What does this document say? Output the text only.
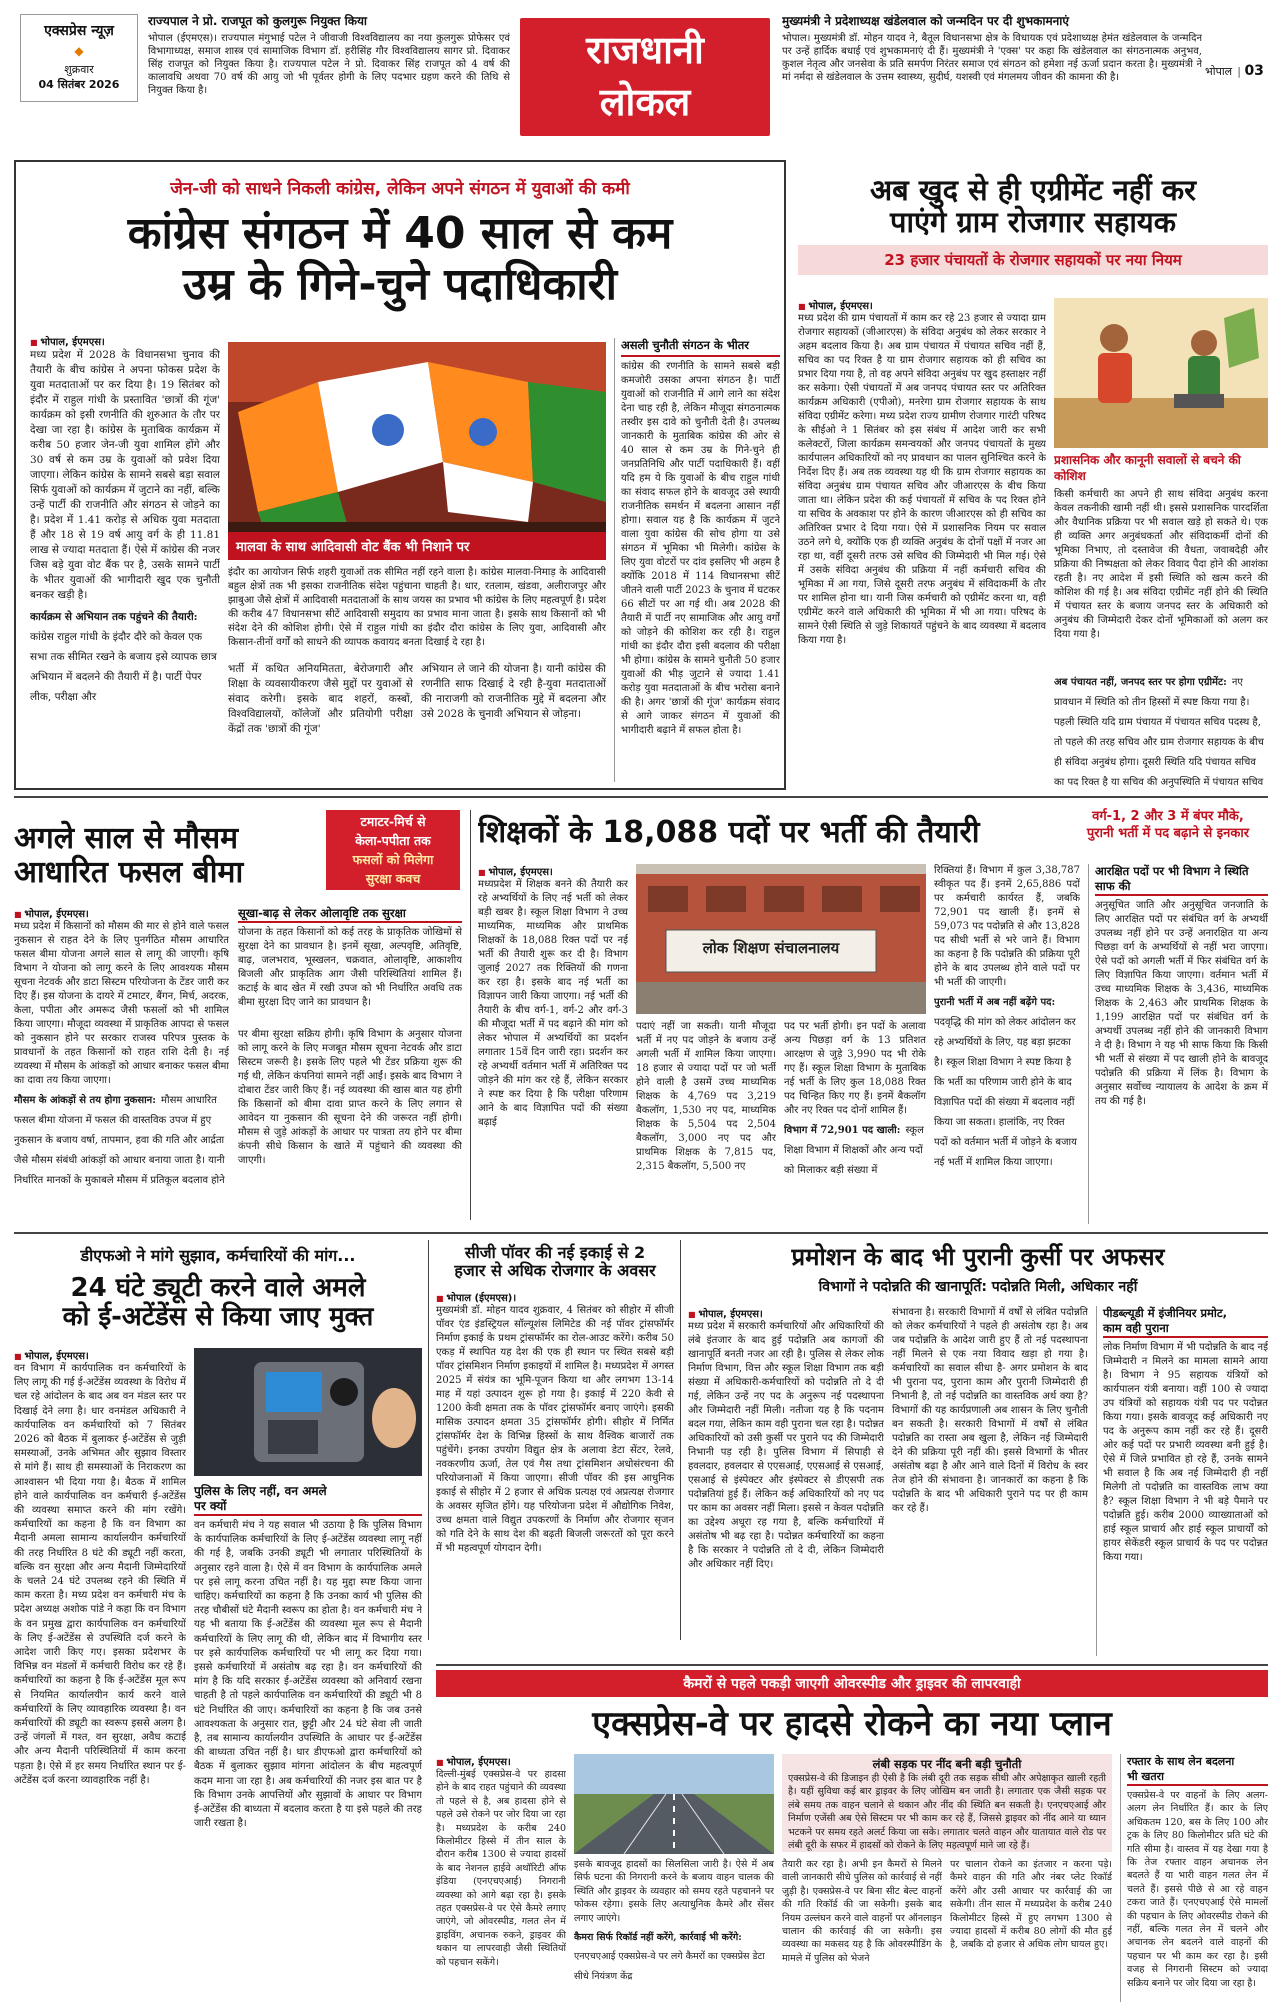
एक्सप्रेस न्यूज़
◆
शुक्रवार
04 सितंबर 2026
राज्यपाल ने प्रो. राजपूत को कुलगुरू नियुक्त किया
भोपाल (ईएमएस)। राज्यपाल मंगुभाई पटेल ने जीवाजी विश्वविद्यालय का नया कुलगुरू प्रोफेसर एवं विभागाध्यक्ष, समाज शास्त्र एवं सामाजिक विभाग डॉ. हरीसिंह गौर विश्वविद्यालय सागर प्रो. दिवाकर सिंह राजपूत को नियुक्त किया है। राज्यपाल पटेल ने प्रो. दिवाकर सिंह राजपूत को 4 वर्ष की कालावधि अथवा 70 वर्ष की आयु जो भी पूर्वतर होगी के लिए पदभार ग्रहण करने की तिथि से नियुक्त किया है।
राजधानी
लोकल
मुख्यमंत्री ने प्रदेशाध्यक्ष खंडेलवाल को जन्मदिन पर दी शुभकामनाएं
भोपाल। मुख्यमंत्री डॉ. मोहन यादव ने, बैतूल विधानसभा क्षेत्र के विधायक एवं प्रदेशाध्यक्ष हेमंत खंडेलवाल के जन्मदिन पर उन्हें हार्दिक बधाई एवं शुभकामनाएं दी हैं। मुख्यमंत्री ने 'एक्स' पर कहा कि खंडेलवाल का संगठनात्मक अनुभव, कुशल नेतृत्व और जनसेवा के प्रति समर्पण निरंतर समाज एवं संगठन को हमेशा नई ऊर्जा प्रदान करता है। मुख्यमंत्री ने मां नर्मदा से खंडेलवाल के उत्तम स्वास्थ्य, सुदीर्घ, यशस्वी एवं मंगलमय जीवन की कामना की है।	भोपाल | 03
जेन-जी को साधने निकली कांग्रेस, लेकिन अपने संगठन में युवाओं की कमी
कांग्रेस संगठन में 40 साल से कम
उम्र के गिने-चुने पदाधिकारी
■ भोपाल, ईएमएस।
मध्य प्रदेश में 2028 के विधानसभा चुनाव की तैयारी के बीच कांग्रेस ने अपना फोकस प्रदेश के युवा मतदाताओं पर कर दिया है। 19 सितंबर को इंदौर में राहुल गांधी के प्रस्तावित 'छात्रों की गूंज' कार्यक्रम को इसी रणनीति की शुरुआत के तौर पर देखा जा रहा है। कांग्रेस के मुताबिक कार्यक्रम में करीब 50 हजार जेन-जी युवा शामिल होंगे और 30 वर्ष से कम उम्र के युवाओं को प्रवेश दिया जाएगा। लेकिन कांग्रेस के सामने सबसे बड़ा सवाल सिर्फ युवाओं को कार्यक्रम में जुटाने का नहीं, बल्कि उन्हें पार्टी की राजनीति और संगठन से जोड़ने का है। प्रदेश में 1.41 करोड़ से अधिक युवा मतदाता हैं और 18 से 19 वर्ष आयु वर्ग के ही 11.81 लाख से ज्यादा मतदाता हैं। ऐसे में कांग्रेस की नजर जिस बड़े युवा वोट बैंक पर है, उसके सामने पार्टी के भीतर युवाओं की भागीदारी खुद एक चुनौती बनकर खड़ी है।
कार्यक्रम से अभियान तक पहुंचने की तैयारी: कांग्रेस राहुल गांधी के इंदौर दौरे को केवल एक सभा तक सीमित रखने के बजाय इसे व्यापक छात्र अभियान में बदलने की तैयारी में है। पार्टी पेपर लीक, परीक्षा और
मालवा के साथ आदिवासी वोट बैंक भी निशाने पर
असली चुनौती संगठन के भीतर
कांग्रेस की रणनीति के सामने सबसे बड़ी कमजोरी उसका अपना संगठन है। पार्टी युवाओं को राजनीति में आगे लाने का संदेश देना चाह रही है, लेकिन मौजूदा संगठनात्मक तस्वीर इस दावे को चुनौती देती है। उपलब्ध जानकारी के मुताबिक कांग्रेस की ओर से 40 साल से कम उम्र के गिने-चुने ही जनप्रतिनिधि और पार्टी पदाधिकारी हैं। वहीं यदि हम ये कि युवाओं के बीच राहुल गांधी का संवाद सफल होने के बावजूद उसे स्थायी राजनीतिक समर्थन में बदलना आसान नहीं होगा। सवाल यह है कि कार्यक्रम में जुटने वाला युवा कांग्रेस की सोच होगा या उसे संगठन में भूमिका भी मिलेगी। कांग्रेस के लिए युवा वोटरों पर दांव इसलिए भी अहम है क्योंकि 2018 में 114 विधानसभा सीटें जीतने वाली पार्टी 2023 के चुनाव में घटकर 66 सीटों पर आ गई थी। अब 2028 की तैयारी में पार्टी नए सामाजिक और आयु वर्गों को जोड़ने की कोशिश कर रही है। राहुल गांधी का इंदौर दौरा इसी बदलाव की परीक्षा भी होगा। कांग्रेस के सामने चुनौती 50 हजार युवाओं की भीड़ जुटाने से ज्यादा 1.41 करोड़ युवा मतदाताओं के बीच भरोसा बनाने की है। अगर 'छात्रों की गूंज' कार्यक्रम संवाद से आगे जाकर संगठन में युवाओं की भागीदारी बढ़ाने में सफल होता है।
इंदौर का आयोजन सिर्फ शहरी युवाओं तक सीमित नहीं रहने वाला है। कांग्रेस मालवा-निमाड़ के आदिवासी बहुल क्षेत्रों तक भी इसका राजनीतिक संदेश पहुंचाना चाहती है। धार, रतलाम, खंडवा, अलीराजपुर और झाबुआ जैसे क्षेत्रों में आदिवासी मतदाताओं के साथ जयस का प्रभाव भी कांग्रेस के लिए महत्वपूर्ण है। प्रदेश की करीब 47 विधानसभा सीटें आदिवासी समुदाय का प्रभाव माना जाता है। इसके साथ किसानों को भी संदेश देने की कोशिश होगी। ऐसे में राहुल गांधी का इंदौर दौरा कांग्रेस के लिए युवा, आदिवासी और किसान-तीनों वर्गों को साधने की व्यापक कवायद बनता दिखाई दे रहा है।
भर्ती में कथित अनियमितता, बेरोजगारी और शिक्षा के व्यवसायीकरण जैसे मुद्दों पर युवाओं से संवाद करेगी। इसके बाद शहरों, कस्बों, विश्वविद्यालयों, कॉलेजों और प्रतियोगी परीक्षा केंद्रों तक 'छात्रों की गूंज'
अभियान ले जाने की योजना है। यानी कांग्रेस की रणनीति साफ दिखाई दे रही है-युवा मतदाताओं की नाराजगी को राजनीतिक मुद्दे में बदलना और उसे 2028 के चुनावी अभियान से जोड़ना।
अब खुद से ही एग्रीमेंट नहीं कर
पाएंगे ग्राम रोजगार सहायक
23 हजार पंचायतों के रोजगार सहायकों पर नया नियम
■ भोपाल, ईएमएस।
मध्य प्रदेश की ग्राम पंचायतों में काम कर रहे 23 हजार से ज्यादा ग्राम रोजगार सहायकों (जीआरएस) के संविदा अनुबंध को लेकर सरकार ने अहम बदलाव किया है। अब ग्राम पंचायत में पंचायत सचिव नहीं हैं, सचिव का पद रिक्त है या ग्राम रोजगार सहायक को ही सचिव का प्रभार दिया गया है, तो वह अपने संविदा अनुबंध पर खुद हस्ताक्षर नहीं कर सकेगा। ऐसी पंचायतों में अब जनपद पंचायत स्तर पर अतिरिक्त कार्यक्रम अधिकारी (एपीओ), मनरेगा ग्राम रोजगार सहायक के साथ संविदा एग्रीमेंट करेगा। मध्य प्रदेश राज्य ग्रामीण रोजगार गारंटी परिषद के सीईओ ने 1 सितंबर को इस संबंध में आदेश जारी कर सभी कलेक्टरों, जिला कार्यक्रम समन्वयकों और जनपद पंचायतों के मुख्य कार्यपालन अधिकारियों को नए प्रावधान का पालन सुनिश्चित करने के निर्देश दिए हैं। अब तक व्यवस्था यह थी कि ग्राम रोजगार सहायक का संविदा अनुबंध ग्राम पंचायत सचिव और जीआरएस के बीच किया जाता था। लेकिन प्रदेश की कई पंचायतों में सचिव के पद रिक्त होने या सचिव के अवकाश पर होने के कारण जीआरएस को ही सचिव का अतिरिक्त प्रभार दे दिया गया। ऐसे में प्रशासनिक नियम पर सवाल उठने लगे थे, क्योंकि एक ही व्यक्ति अनुबंध के दोनों पक्षों में नजर आ रहा था, वहीं दूसरी तरफ उसे सचिव की जिम्मेदारी भी मिल गई। ऐसे में उसके संविदा अनुबंध की प्रक्रिया में नहीं कर्मचारी सचिव की भूमिका में आ गया, जिसे दूसरी तरफ अनुबंध में संविदाकर्मी के तौर पर शामिल होना था। यानी जिस कर्मचारी को एग्रीमेंट करना था, वही एग्रीमेंट करने वाले अधिकारी की भूमिका में भी आ गया। परिषद के सामने ऐसी स्थिति से जुड़े शिकायतें पहुंचने के बाद व्यवस्था में बदलाव किया गया है।
प्रशासनिक और कानूनी सवालों से बचने की कोशिश
किसी कर्मचारी का अपने ही साथ संविदा अनुबंध करना केवल तकनीकी खामी नहीं थी। इससे प्रशासनिक पारदर्शिता और वैधानिक प्रक्रिया पर भी सवाल खड़े हो सकते थे। एक ही व्यक्ति अगर अनुबंधकर्ता और संविदाकर्मी दोनों की भूमिका निभाए, तो दस्तावेज की वैधता, जवाबदेही और प्रक्रिया की निष्पक्षता को लेकर विवाद पैदा होने की आशंका रहती है। नए आदेश में इसी स्थिति को खत्म करने की कोशिश की गई है। अब संविदा एग्रीमेंट नहीं होने की स्थिति में पंचायत स्तर के बजाय जनपद स्तर के अधिकारी को अनुबंध की जिम्मेदारी देकर दोनों भूमिकाओं को अलग कर दिया गया है।
अब पंचायत नहीं, जनपद स्तर पर होगा एग्रीमेंट: नए प्रावधान में स्थिति को तीन हिस्सों में स्पष्ट किया गया है। पहली स्थिति यदि ग्राम पंचायत में पंचायत सचिव पदस्थ है, तो पहले की तरह सचिव और ग्राम रोजगार सहायक के बीच ही संविदा अनुबंध होगा। दूसरी स्थिति यदि पंचायत सचिव का पद रिक्त है या सचिव की अनुपस्थिति में पंचायत सचिव
अगले साल से मौसम
आधारित फसल बीमा
टमाटर-मिर्च से
केला-पपीता तक
फसलों को मिलेगा
सुरक्षा कवच
■ भोपाल, ईएमएस।
मध्य प्रदेश में किसानों को मौसम की मार से होने वाले फसल नुकसान से राहत देने के लिए पुनर्गठित मौसम आधारित फसल बीमा योजना अगले साल से लागू की जाएगी। कृषि विभाग ने योजना को लागू करने के लिए आवश्यक मौसम सूचना नेटवर्क और डाटा सिस्टम परियोजना के टेंडर जारी कर दिए हैं। इस योजना के दायरे में टमाटर, बैंगन, मिर्च, अदरक, केला, पपीता और अमरूद जैसी फसलों को भी शामिल किया जाएगा। मौजूदा व्यवस्था में प्राकृतिक आपदा से फसल को नुकसान होने पर सरकार राजस्व परिपत्र पुस्तक के प्रावधानों के तहत किसानों को राहत राशि देती है। नई व्यवस्था में मौसम के आंकड़ों को आधार बनाकर फसल बीमा का दावा तय किया जाएगा।
मौसम के आंकड़ों से तय होगा नुकसान: मौसम आधारित फसल बीमा योजना में फसल की वास्तविक उपज में हुए नुकसान के बजाय वर्षा, तापमान, हवा की गति और आर्द्रता जैसे मौसम संबंधी आंकड़ों को आधार बनाया जाता है। यानी निर्धारित मानकों के मुकाबले मौसम में प्रतिकूल बदलाव होने
सूखा-बाढ़ से लेकर ओलावृष्टि तक सुरक्षा
योजना के तहत किसानों को कई तरह के प्राकृतिक जोखिमों से सुरक्षा देने का प्रावधान है। इनमें सूखा, अल्पवृष्टि, अतिवृष्टि, बाढ़, जलभराव, भूस्खलन, चक्रवात, ओलावृष्टि, आकाशीय बिजली और प्राकृतिक आग जैसी परिस्थितियां शामिल हैं। कटाई के बाद खेत में रखी उपज को भी निर्धारित अवधि तक बीमा सुरक्षा दिए जाने का प्रावधान है।
पर बीमा सुरक्षा सक्रिय होगी। कृषि विभाग के अनुसार योजना को लागू करने के लिए मजबूत मौसम सूचना नेटवर्क और डाटा सिस्टम जरूरी है। इसके लिए पहले भी टेंडर प्रक्रिया शुरू की गई थी, लेकिन कंपनियां सामने नहीं आईं। इसके बाद विभाग ने दोबारा टेंडर जारी किए हैं। नई व्यवस्था की खास बात यह होगी कि किसानों को बीमा दावा प्राप्त करने के लिए लगान से आवेदन या नुकसान की सूचना देने की जरूरत नहीं होगी। मौसम से जुड़े आंकड़ों के आधार पर पात्रता तय होने पर बीमा कंपनी सीधे किसान के खाते में पहुंचाने की व्यवस्था की जाएगी।
शिक्षकों के 18,088 पदों पर भर्ती की तैयारी	वर्ग-1, 2 और 3 में बंपर मौके,
पुरानी भर्ती में पद बढ़ाने से इनकार
■ भोपाल, ईएमएस।
मध्यप्रदेश में शिक्षक बनने की तैयारी कर रहे अभ्यर्थियों के लिए नई भर्ती को लेकर बड़ी खबर है। स्कूल शिक्षा विभाग ने उच्च माध्यमिक, माध्यमिक और प्राथमिक शिक्षकों के 18,088 रिक्त पदों पर नई भर्ती की तैयारी शुरू कर दी है। विभाग जुलाई 2027 तक रिक्तियों की गणना कर रहा है। इसके बाद नई भर्ती का विज्ञापन जारी किया जाएगा। नई भर्ती की तैयारी के बीच वर्ग-1, वर्ग-2 और वर्ग-3 की मौजूदा भर्ती में पद बढ़ाने की मांग को लेकर भोपाल में अभ्यर्थियों का प्रदर्शन लगातार 15वें दिन जारी रहा। प्रदर्शन कर रहे अभ्यर्थी वर्तमान भर्ती में अतिरिक्त पद जोड़ने की मांग कर रहे हैं, लेकिन सरकार ने स्पष्ट कर दिया है कि परीक्षा परिणाम आने के बाद विज्ञापित पदों की संख्या बढ़ाई
लोक शिक्षण संचालनालय
पदाएं नहीं जा सकती। यानी मौजूदा भर्ती में नए पद जोड़ने के बजाय उन्हें अगली भर्ती में शामिल किया जाएगा। 18 हजार से ज्यादा पदों पर जो भर्ती होने वाली है उसमें उच्च माध्यमिक शिक्षक के 4,769 पद 3,219 बैकलॉग, 1,530 नए पद, माध्यमिक शिक्षक के 5,504 पद 2,504 बैकलॉग, 3,000 नए पद और प्राथमिक शिक्षक के 7,815 पद, 2,315 बैकलॉग, 5,500 नए
पद पर भर्ती होगी। इन पदों के अलावा अन्य पिछड़ा वर्ग के 13 प्रतिशत आरक्षण से जुड़े 3,990 पद भी रोके गए हैं। स्कूल शिक्षा विभाग के मुताबिक नई भर्ती के लिए कुल 18,088 रिक्त पद चिन्हित किए गए हैं। इनमें बैकलॉग और नए रिक्त पद दोनों शामिल हैं।
विभाग में 72,901 पद खाली: स्कूल शिक्षा विभाग में शिक्षकों और अन्य पदों को मिलाकर बड़ी संख्या में
रिक्तियां हैं। विभाग में कुल 3,38,787 स्वीकृत पद हैं। इनमें 2,65,886 पदों पर कर्मचारी कार्यरत हैं, जबकि 72,901 पद खाली हैं। इनमें से 59,073 पद पदोन्नति से और 13,828 पद सीधी भर्ती से भरे जाने हैं। विभाग का कहना है कि पदोन्नति की प्रक्रिया पूरी होने के बाद उपलब्ध होने वाले पदों पर भी भर्ती की जाएगी।
पुरानी भर्ती में अब नहीं बढ़ेंगे पद: पदवृद्धि की मांग को लेकर आंदोलन कर रहे अभ्यर्थियों के लिए, यह बड़ा झटका है। स्कूल शिक्षा विभाग ने स्पष्ट किया है कि भर्ती का परिणाम जारी होने के बाद विज्ञापित पदों की संख्या में बदलाव नहीं किया जा सकता। हालांकि, नए रिक्त पदों को वर्तमान भर्ती में जोड़ने के बजाय नई भर्ती में शामिल किया जाएगा।
आरक्षित पदों पर भी विभाग ने स्थिति साफ की
अनुसूचित जाति और अनुसूचित जनजाति के लिए आरक्षित पदों पर संबंधित वर्ग के अभ्यर्थी उपलब्ध नहीं होने पर उन्हें अनारक्षित या अन्य पिछड़ा वर्ग के अभ्यर्थियों से नहीं भरा जाएगा। ऐसे पदों को अगली भर्ती में फिर संबंधित वर्ग के लिए विज्ञापित किया जाएगा। वर्तमान भर्ती में उच्च माध्यमिक शिक्षक के 3,436, माध्यमिक शिक्षक के 2,463 और प्राथमिक शिक्षक के 1,199 आरक्षित पदों पर संबंधित वर्ग के अभ्यर्थी उपलब्ध नहीं होने की जानकारी विभाग ने दी है। विभाग ने यह भी साफ किया कि किसी भी भर्ती से संख्या में पद खाली होने के बावजूद पदोन्नति की प्रक्रिया में लिंक है। विभाग के अनुसार सर्वोच्च न्यायालय के आदेश के क्रम में तय की गई है।
डीएफओ ने मांगे सुझाव, कर्मचारियों की मांग...
24 घंटे ड्यूटी करने वाले अमले
को ई-अटेंडेंस से किया जाए मुक्त
■ भोपाल, ईएमएस।
वन विभाग में कार्यपालिक वन कर्मचारियों के लिए लागू की गई ई-अटेंडेंस व्यवस्था के विरोध में चल रहे आंदोलन के बाद अब वन मंडल स्तर पर दिखाई देने लगा है। धार वनमंडल अधिकारी ने कार्यपालिक वन कर्मचारियों को 7 सितंबर 2026 को बैठक में बुलाकर ई-अटेंडेंस से जुड़ी समस्याओं, उनके अभिमत और सुझाव विस्तार से मांगे हैं। साथ ही समस्याओं के निराकरण का आश्वासन भी दिया गया है। बैठक में शामिल होने वाले कार्यपालिक वन कर्मचारी ई-अटेंडेंस की व्यवस्था समाप्त करने की मांग रखेंगे। कर्मचारियों का कहना है कि वन विभाग का मैदानी अमला सामान्य कार्यालयीन कर्मचारियों की तरह निर्धारित 8 घंटे की ड्यूटी नहीं करता, बल्कि वन सुरक्षा और अन्य मैदानी जिम्मेदारियों के चलते 24 घंटे उपलब्ध रहने की स्थिति में काम करता है। मध्य प्रदेश वन कर्मचारी मंच के प्रदेश अध्यक्ष अशोक पांडे ने कहा कि वन विभाग के वन प्रमुख द्वारा कार्यपालिक वन कर्मचारियों के लिए ई-अटेंडेंस से उपस्थिति दर्ज करने के आदेश जारी किए गए। इसका प्रदेशभर के विभिन्न वन मंडलों में कर्मचारी विरोध कर रहे हैं। कर्मचारियों का कहना है कि ई-अटेंडेंस मूल रूप से नियमित कार्यालयीन कार्य करने वाले कर्मचारियों के लिए व्यावहारिक व्यवस्था है। वन कर्मचारियों की ड्यूटी का स्वरूप इससे अलग है। उन्हें जंगलों में गश्त, वन सुरक्षा, अवैध कटाई और अन्य मैदानी परिस्थितियों में काम करना पड़ता है। ऐसे में हर समय निर्धारित स्थान पर ई-अटेंडेंस दर्ज करना व्यावहारिक नहीं है।
पुलिस के लिए नहीं, वन अमले
पर क्यों
वन कर्मचारी मंच ने यह सवाल भी उठाया है कि पुलिस विभाग के कार्यपालिक कर्मचारियों के लिए ई-अटेंडेंस व्यवस्था लागू नहीं की गई है, जबकि उनकी ड्यूटी भी लगातार परिस्थितियों के अनुसार रहने वाला है। ऐसे में वन विभाग के कार्यपालिक अमले पर इसे लागू करना उचित नहीं है। यह मुद्दा स्पष्ट किया जाना चाहिए। कर्मचारियों का कहना है कि उनका कार्य भी पुलिस की तरह चौबीसों घंटे मैदानी स्वरूप का होता है। वन कर्मचारी मंच ने यह भी बताया कि ई-अटेंडेंस की व्यवस्था मूल रूप से मैदानी कर्मचारियों के लिए लागू की थी, लेकिन बाद में विभागीय स्तर पर इसे कार्यपालिक कर्मचारियों पर भी लागू कर दिया गया। इससे कर्मचारियों में असंतोष बढ़ रहा है। वन कर्मचारियों की मांग है कि यदि सरकार ई-अटेंडेंस व्यवस्था को अनिवार्य रखना चाहती है तो पहले कार्यपालिक वन कर्मचारियों की ड्यूटी भी 8 घंटे निर्धारित की जाए। कर्मचारियों का कहना है कि जब उनसे आवश्यकता के अनुसार रात, छुट्टी और 24 घंटे सेवा ली जाती है, तब सामान्य कार्यालयीन उपस्थिति के आधार पर ई-अटेंडेंस की बाध्यता उचित नहीं है। धार डीएफओ द्वारा कर्मचारियों को बैठक में बुलाकर सुझाव मांगना आंदोलन के बीच महत्वपूर्ण कदम माना जा रहा है। अब कर्मचारियों की नजर इस बात पर है कि विभाग उनके आपत्तियों और सुझावों के आधार पर विभाग ई-अटेंडेंस की बाध्यता में बदलाव करता है या इसे पहले की तरह जारी रखता है।
सीजी पॉवर की नई इकाई से 2
हजार से अधिक रोजगार के अवसर
■ भोपाल (ईएमएस)।
मुख्यमंत्री डॉ. मोहन यादव शुक्रवार, 4 सितंबर को सीहोर में सीजी पॉवर एंड इंडस्ट्रियल सॉल्यूशंस लिमिटेड की नई पॉवर ट्रांसफॉर्मर निर्माण इकाई के प्रथम ट्रांसफॉर्मर का रोल-आउट करेंगे। करीब 50 एकड़ में स्थापित यह देश की एक ही स्थान पर स्थित सबसे बड़ी पॉवर ट्रांसमिशन निर्माण इकाइयों में शामिल है। मध्यप्रदेश में अगस्त 2025 में संयंत्र का भूमि-पूजन किया था और लगभग 13-14 माह में यहां उत्पादन शुरू हो गया है। इकाई में 220 केवी से 1200 केवी क्षमता तक के पॉवर ट्रांसफॉर्मर बनाए जाएंगे। इसकी मासिक उत्पादन क्षमता 35 ट्रांसफॉर्मर होगी। सीहोर में निर्मित ट्रांसफॉर्मर देश के विभिन्न हिस्सों के साथ वैश्विक बाजारों तक पहुंचेंगे। इनका उपयोग विद्युत क्षेत्र के अलावा डेटा सेंटर, रेलवे, नवकरणीय ऊर्जा, तेल एवं गैस तथा ट्रांसमिशन अधोसंरचना की परियोजनाओं में किया जाएगा। सीजी पॉवर की इस आधुनिक इकाई से सीहोर में 2 हजार से अधिक प्रत्यक्ष एवं अप्रत्यक्ष रोजगार के अवसर सृजित होंगे। यह परियोजना प्रदेश में औद्योगिक निवेश, उच्च क्षमता वाले विद्युत उपकरणों के निर्माण और रोजगार सृजन को गति देने के साथ देश की बढ़ती बिजली जरूरतों को पूरा करने में भी महत्वपूर्ण योगदान देगी।
प्रमोशन के बाद भी पुरानी कुर्सी पर अफसर
विभागों ने पदोन्नति की खानापूर्ति: पदोन्नति मिली, अधिकार नहीं
■ भोपाल, ईएमएस।
मध्य प्रदेश में सरकारी कर्मचारियों और अधिकारियों की लंबे इंतजार के बाद हुई पदोन्नति अब कागजों की खानापूर्ति बनती नजर आ रही है। पुलिस से लेकर लोक निर्माण विभाग, वित्त और स्कूल शिक्षा विभाग तक बड़ी संख्या में अधिकारी-कर्मचारियों को पदोन्नति तो दे दी गई, लेकिन उन्हें नए पद के अनुरूप नई पदस्थापना और जिम्मेदारी नहीं मिली। नतीजा यह है कि पदनाम बदल गया, लेकिन काम वही पुराना चल रहा है। पदोन्नत अधिकारियों को उसी कुर्सी पर पुराने पद की जिम्मेदारी निभानी पड़ रही है। पुलिस विभाग में सिपाही से हवलदार, हवलदार से एएसआई, एएसआई से एसआई, एसआई से इंस्पेक्टर और इंस्पेक्टर से डीएसपी तक पदोन्नतियां हुई हैं। लेकिन कई अधिकारियों को नए पद पर काम का अवसर नहीं मिला। इससे न केवल पदोन्नति का उद्देश्य अधूरा रह गया है, बल्कि कर्मचारियों में असंतोष भी बढ़ रहा है। पदोन्नत कर्मचारियों का कहना है कि सरकार ने पदोन्नति तो दे दी, लेकिन जिम्मेदारी और अधिकार नहीं दिए।
संभावना है। सरकारी विभागों में वर्षों से लंबित पदोन्नति को लेकर कर्मचारियों ने पहले ही असंतोष रहा है। अब जब पदोन्नति के आदेश जारी हुए हैं तो नई पदस्थापना नहीं मिलने से एक नया विवाद खड़ा हो गया है। कर्मचारियों का सवाल सीधा है- अगर प्रमोशन के बाद भी पुराना पद, पुराना काम और पुरानी जिम्मेदारी ही निभानी है, तो नई पदोन्नति का वास्तविक अर्थ क्या है? विभागों की यह कार्यप्रणाली अब शासन के लिए चुनौती बन सकती है। सरकारी विभागों में वर्षों से लंबित पदोन्नति का रास्ता अब खुला है, लेकिन नई जिम्मेदारी देने की प्रक्रिया पूरी नहीं की। इससे विभागों के भीतर असंतोष बढ़ा है और आने वाले दिनों में विरोध के स्वर तेज होने की संभावना है। जानकारों का कहना है कि पदोन्नति के बाद भी अधिकारी पुराने पद पर ही काम कर रहे हैं।
पीडब्ल्यूडी में इंजीनियर प्रमोट,
काम वही पुराना
लोक निर्माण विभाग में भी पदोन्नति के बाद नई जिम्मेदारी न मिलने का मामला सामने आया है। विभाग ने 95 सहायक यंत्रियों को कार्यपालन यंत्री बनाया। वहीं 100 से ज्यादा उप यंत्रियों को सहायक यंत्री पद पर पदोन्नत किया गया। इसके बावजूद कई अधिकारी नए पद के अनुरूप काम नहीं कर रहे हैं। दूसरी ओर कई पदों पर प्रभारी व्यवस्था बनी हुई है। ऐसे में जिले प्रभावित हो रहे हैं, उनके सामने भी सवाल है कि अब नई जिम्मेदारी ही नहीं मिलेगी तो पदोन्नति का वास्तविक लाभ क्या है? स्कूल शिक्षा विभाग ने भी बड़े पैमाने पर पदोन्नति हुई। करीब 2000 व्याख्याताओं को हाई स्कूल प्राचार्य और हाई स्कूल प्राचार्यों को हायर सेकेंडरी स्कूल प्राचार्य के पद पर पदोन्नत किया गया।
कैमरों से पहले पकड़ी जाएगी ओवरस्पीड और ड्राइवर की लापरवाही
एक्सप्रेस-वे पर हादसे रोकने का नया प्लान
■ भोपाल, ईएमएस।
दिल्ली-मुंबई एक्सप्रेस-वे पर हादसा होने के बाद राहत पहुंचाने की व्यवस्था तो पहले से है, अब हादसा होने से पहले उसे रोकने पर जोर दिया जा रहा है। मध्यप्रदेश के करीब 240 किलोमीटर हिस्से में तीन साल के दौरान करीब 1300 से ज्यादा हादसों के बाद नेशनल हाईवे अथॉरिटी ऑफ इंडिया (एनएचएआई) निगरानी व्यवस्था को आगे बढ़ा रहा है। इसके तहत एक्सप्रेस-वे पर ऐसे कैमरे लगाए जाएंगे, जो ओवरस्पीड, गलत लेन में ड्राइविंग, अचानक रुकने, ड्राइवर की थकान या लापरवाही जैसी स्थितियों को पहचान सकेंगे।
इसके बावजूद हादसों का सिलसिला जारी है। ऐसे में अब सिर्फ घटना की निगरानी करने के बजाय वाहन चालक की स्थिति और ड्राइवर के व्यवहार को समय रहते पहचानने पर फोकस रहेगा। इसके लिए अत्याधुनिक कैमरे और सेंसर लगाए जाएंगे।
कैमरा सिर्फ रिकॉर्ड नहीं करेंगे, कार्रवाई भी करेंगे: एनएचएआई एक्सप्रेस-वे पर लगे कैमरों का एक्सप्रेस डेटा सीधे नियंत्रण केंद्र
लंबी सड़क पर नींद बनी बड़ी चुनौती
एक्सप्रेस-वे की डिजाइन ही ऐसी है कि लंबी दूरी तक सड़क सीधी और अपेक्षाकृत खाली रहती है। यहीं सुविधा कई बार ड्राइवर के लिए जोखिम बन जाती है। लगातार एक जैसी सड़क पर लंबे समय तक वाहन चलाने से थकान और नींद की स्थिति बन सकती है। एनएचएआई और निर्माण एजेंसी अब ऐसे सिस्टम पर भी काम कर रहे हैं, जिससे ड्राइवर को नींद आने या ध्यान भटकने पर समय रहते अलर्ट किया जा सके। लगातार चलते वाहन और यातायात वाले रोड पर लंबी दूरी के सफर में हादसों को रोकने के लिए महत्वपूर्ण माने जा रहे हैं।
तैयारी कर रहा है। अभी इन कैमरों से मिलने वाली जानकारी सीधे पुलिस को कार्रवाई से नहीं जुड़ी है। एक्सप्रेस-वे पर बिना सीट बेल्ट वाहनों की गति रिकॉर्ड की जा सकेगी। इसके बाद नियम उल्लंघन करने वाले वाहनों पर ऑनलाइन चालान की कार्रवाई की जा सकेगी। इस व्यवस्था का मकसद यह है कि ओवरस्पीडिंग के मामले में पुलिस को भेजने
पर चालान रोकने का इंतजार न करना पड़े। कैमरे वाहन की गति और नंबर प्लेट रिकॉर्ड करेंगे और उसी आधार पर कार्रवाई की जा सकेगी। तीन साल में मध्यप्रदेश के करीब 240 किलोमीटर हिस्से में हुए लगभग 1300 से ज्यादा हादसों में करीब 80 लोगों की मौत हुई है, जबकि दो हजार से अधिक लोग घायल हुए।
रफ्तार के साथ लेन बदलना
भी खतरा
एक्सप्रेस-वे पर वाहनों के लिए अलग-अलग लेन निर्धारित हैं। कार के लिए अधिकतम 120, बस के लिए 100 और ट्रक के लिए 80 किलोमीटर प्रति घंटे की गति सीमा है। वास्तव में यह देखा गया है कि तेज रफ्तार वाहन अचानक लेन बदलते हैं या भारी वाहन गलत लेन में चलते हैं। इससे पीछे से आ रहे वाहन टकरा जाते हैं। एनएचएआई ऐसे मामलों की पहचान के लिए ओवरस्पीड रोकने की नहीं, बल्कि गलत लेन में चलने और अचानक लेन बदलने वाले वाहनों की पहचान पर भी काम कर रहा है। इसी वजह से निगरानी सिस्टम को ज्यादा सक्रिय बनाने पर जोर दिया जा रहा है।
